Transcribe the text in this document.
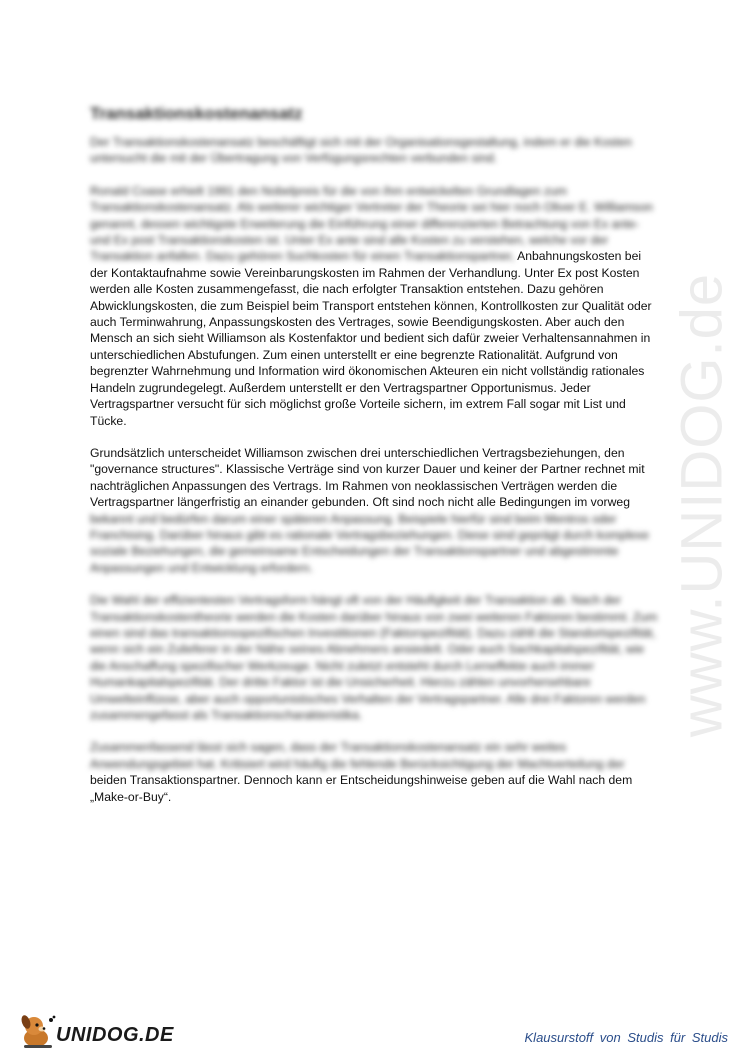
Transaktionskostenansatz

Der Transaktionskostenansatz beschäftigt sich mit der Organisationsgestaltung, indem er die Kosten untersucht die mit der Übertragung von Verfügungsrechten verbunden sind.

Ronald Coase erhielt 1991 den Nobelpreis für die von ihm entwickelten Grundlagen zum Transaktionskostenansatz. Als weiterer wichtiger Vertreter der Theorie sei hier noch Oliver E. Williamson genannt, dessen wichtigste Erweiterung die Einführung einer differenzierten Betrachtung von Ex ante- und Ex post Transaktionskosten ist. Unter Ex ante sind alle Kosten zu verstehen, welche vor der Transaktion anfallen. Dazu gehören Suchkosten für einen Transaktionspartner, Anbahnungskosten bei der Kontaktaufnahme sowie Vereinbarungskosten im Rahmen der Verhandlung. Unter Ex post Kosten werden alle Kosten zusammengefasst, die nach erfolgter Transaktion entstehen. Dazu gehören Abwicklungskosten, die zum Beispiel beim Transport entstehen können, Kontrollkosten zur Qualität oder auch Terminwahrung, Anpassungskosten des Vertrages, sowie Beendigungskosten. Aber auch den Mensch an sich sieht Williamson als Kostenfaktor und bedient sich dafür zweier Verhaltensannahmen in unterschiedlichen Abstufungen. Zum einen unterstellt er eine begrenzte Rationalität. Aufgrund von begrenzter Wahrnehmung und Information wird ökonomischen Akteuren ein nicht vollständig rationales Handeln zugrundegelegt. Außerdem unterstellt er den Vertragspartner Opportunismus. Jeder Vertragspartner versucht für sich möglichst große Vorteile sichern, im extrem Fall sogar mit List und Tücke.

Grundsätzlich unterscheidet Williamson zwischen drei unterschiedlichen Vertragsbeziehungen, den "governance structures". Klassische Verträge sind von kurzer Dauer und keiner der Partner rechnet mit nachträglichen Anpassungen des Vertrags. Im Rahmen von neoklassischen Verträgen werden die Vertragspartner längerfristig an einander gebunden. Oft sind noch nicht alle Bedingungen im vorweg bekannt und bedürfen darum einer späteren Anpassung. Beispiele hierfür sind beim Mentros oder Franchising. Darüber hinaus gibt es rationale Vertragsbeziehungen. Diese sind geprägt durch komplexe soziale Beziehungen, die gemeinsame Entscheidungen der Transaktionspartner und abgestimmte Anpassungen und Entwicklung erfordern.

Die Wahl der effizientesten Vertragsform hängt oft von der Häufigkeit der Transaktion ab. Nach der Transaktionskostentheorie werden die Kosten darüber hinaus von zwei weiteren Faktoren bestimmt. Zum einen sind das transaktionsspezifischen Investitionen (Faktorspezifität). Dazu zählt die Standortspezifität, wenn sich ein Zulieferer in der Nähe seines Abnehmers ansiedelt. Oder auch Sachkapitalspezifität, wie die Anschaffung spezifischer Werkzeuge. Nicht zuletzt entsteht durch Lerneffekte auch immer Humankapitalspezifität. Der dritte Faktor ist die Unsicherheit. Hierzu zählen unvorhersehbare Umwelteinflüsse, aber auch opportunistisches Verhalten der Vertragspartner. Alle drei Faktoren werden zusammengefasst als Transaktionscharakteristika.

Zusammenfassend lässt sich sagen, dass der Transaktionskostenansatz ein sehr weites Anwendungsgebiet hat. Kritisiert wird häufig die fehlende Berücksichtigung der Machtverteilung der beiden Transaktionspartner. Dennoch kann er Entscheidungshinweise geben auf die Wahl nach dem „Make-or-Buy“.

www.UNIDOG.de
UNIDOG.DE	Klausurstoff von Studis für Studis
